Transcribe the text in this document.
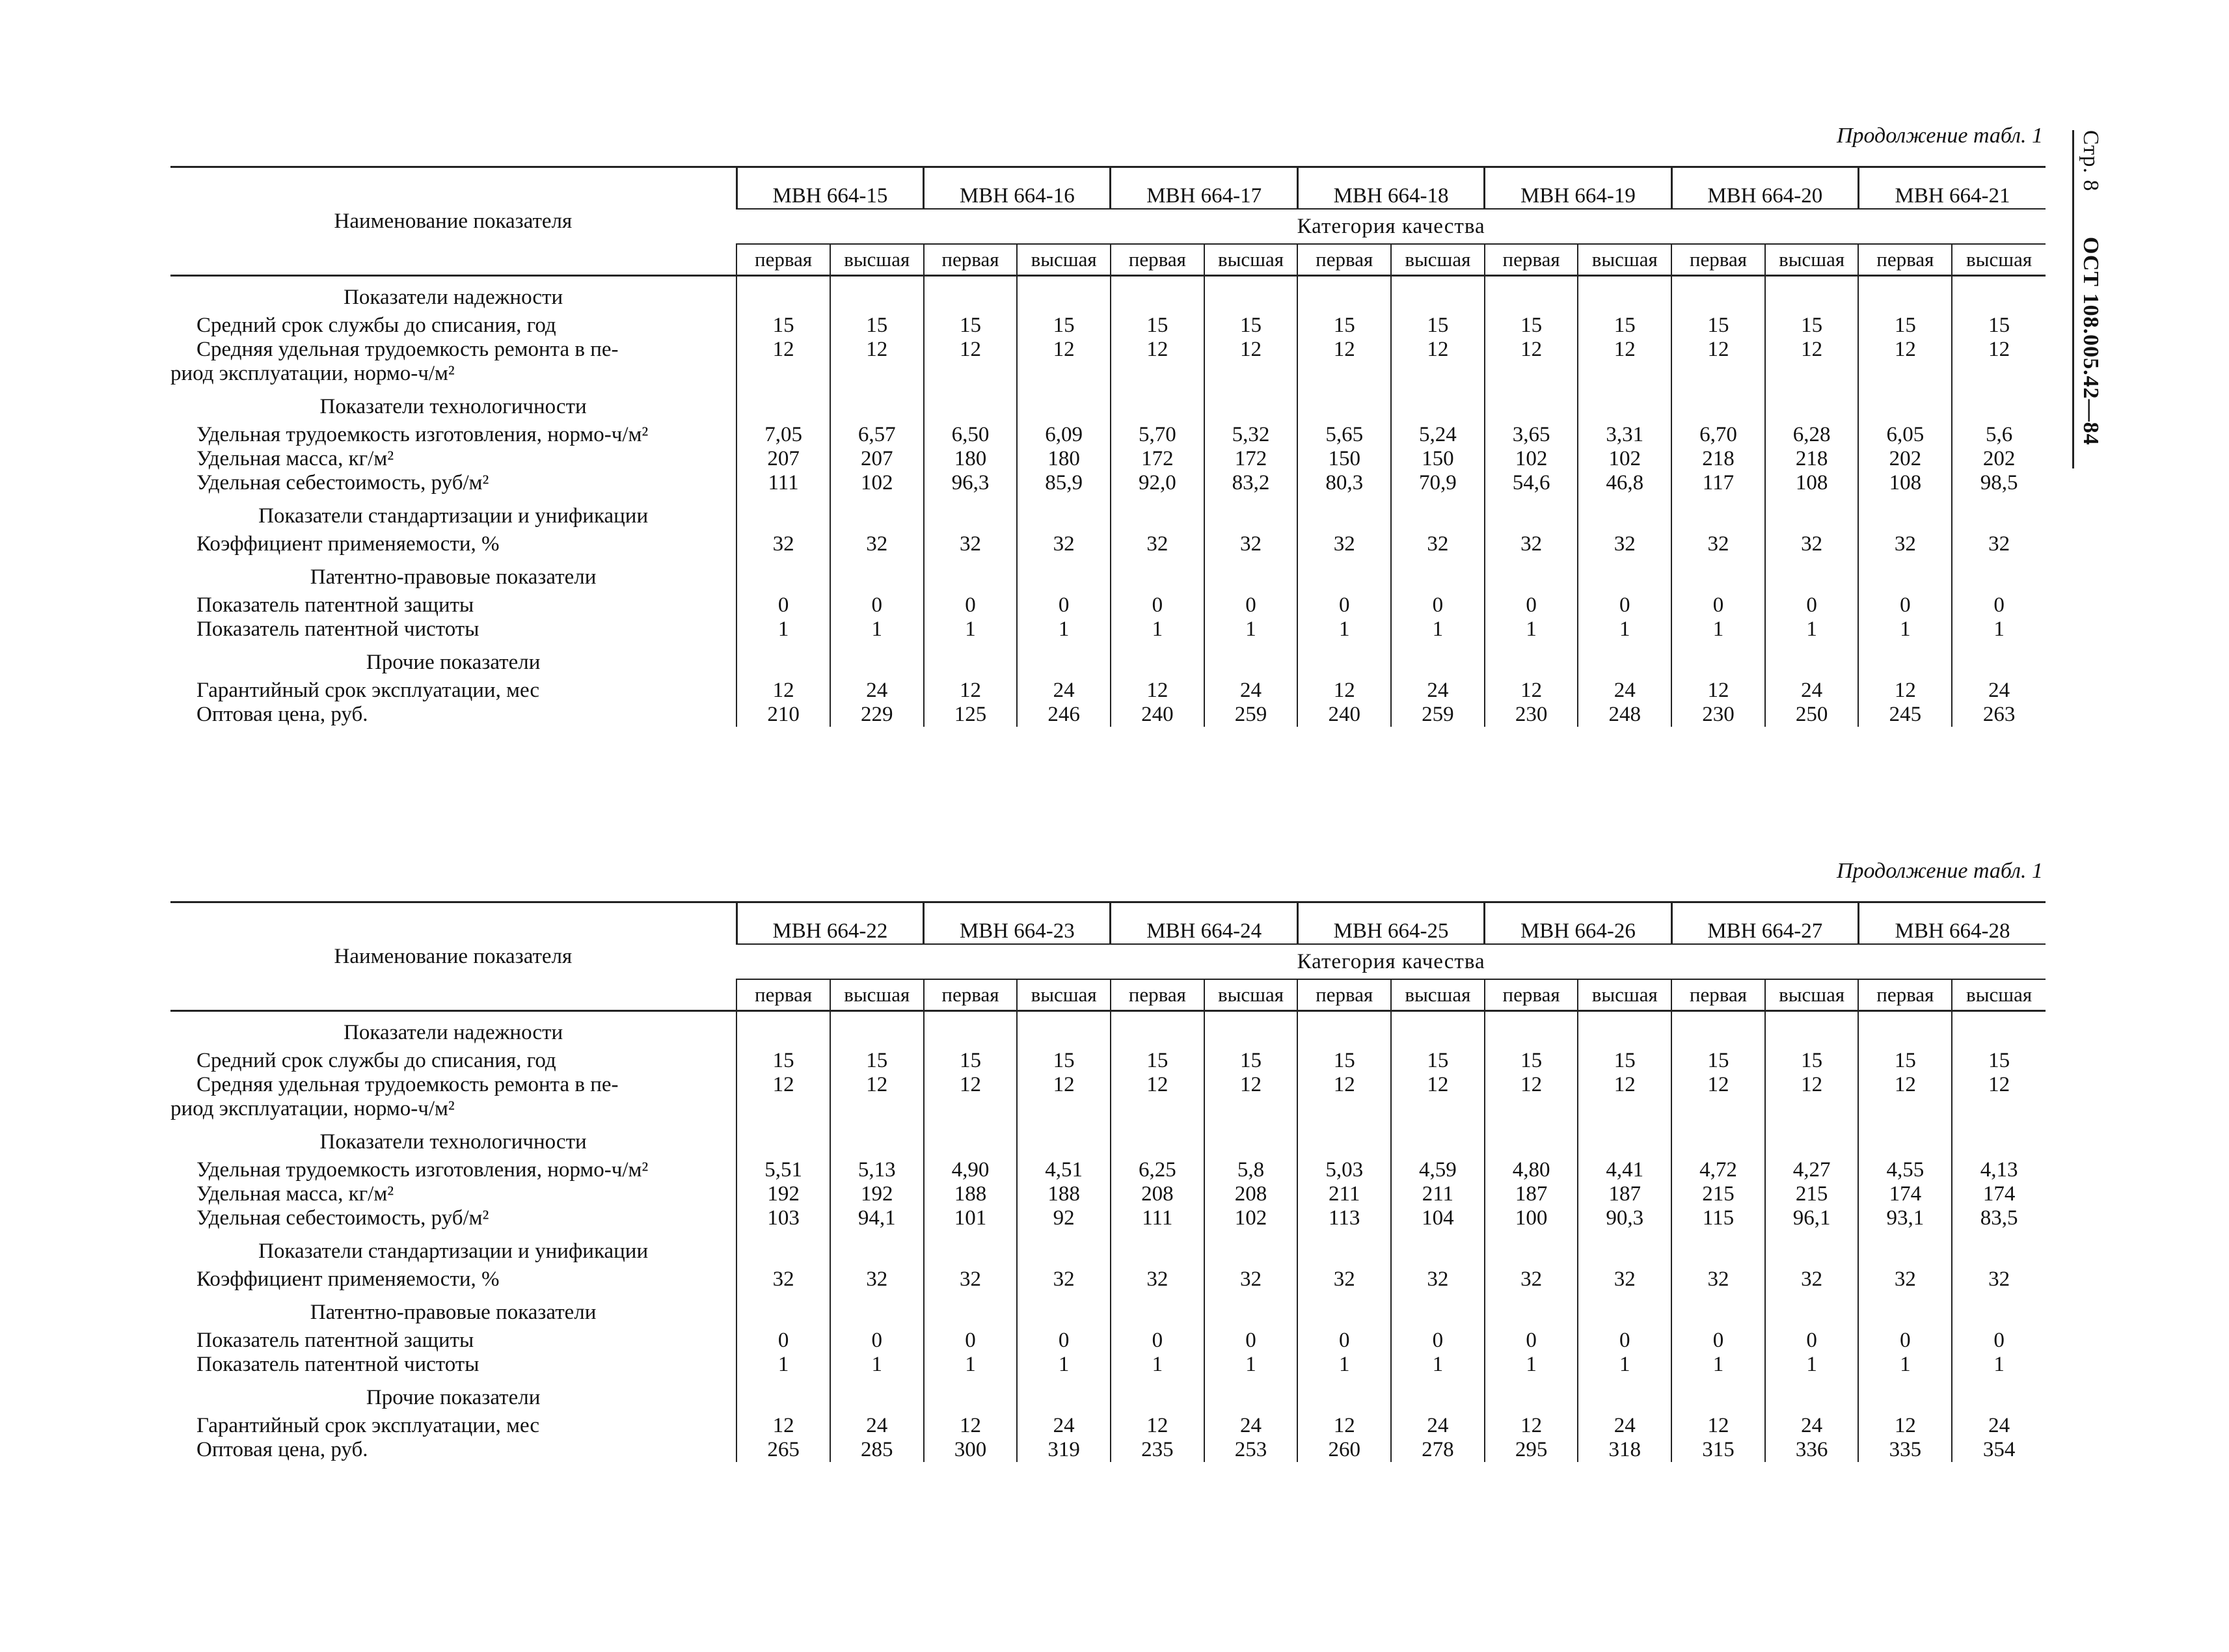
Стр. 8 ОСТ 108.005.42—84
Продолжение табл. 1
Наименование показателя	МВН 664-15		МВН 664-16		МВН 664-17		МВН 664-18		МВН 664-19		МВН 664-20		МВН 664-21	
	Категория качества													
	первая	высшая	первая	высшая	первая	высшая	первая	высшая	первая	высшая	первая	высшая	первая	высшая
Показатели надежности														
Средний срок службы до списания, год	15	15	15	15	15	15	15	15	15	15	15	15	15	15

Средняя удельная трудоемкость ремонта в пе-
риод эксплуатации, нормо-ч/м²	12	12	12	12	12	12	12	12	12	12	12	12	12	12
Показатели технологичности														
Удельная трудоемкость изготовления, нормо-ч/м²	7,05	6,57	6,50	6,09	5,70	5,32	5,65	5,24	3,65	3,31	6,70	6,28	6,05	5,6
Удельная масса, кг/м²	207	207	180	180	172	172	150	150	102	102	218	218	202	202
Удельная себестоимость, руб/м²	111	102	96,3	85,9	92,0	83,2	80,3	70,9	54,6	46,8	117	108	108	98,5
Показатели стандартизации и унификации														
Коэффициент применяемости, %	32	32	32	32	32	32	32	32	32	32	32	32	32	32
Патентно-правовые показатели														
Показатель патентной защиты	0	0	0	0	0	0	0	0	0	0	0	0	0	0
Показатель патентной чистоты	1	1	1	1	1	1	1	1	1	1	1	1	1	1
Прочие показатели														
Гарантийный срок эксплуатации, мес	12	24	12	24	12	24	12	24	12	24	12	24	12	24
Оптовая цена, руб.	210	229	125	246	240	259	240	259	230	248	230	250	245	263
Продолжение табл. 1
Наименование показателя	МВН 664-22		МВН 664-23		МВН 664-24		МВН 664-25		МВН 664-26		МВН 664-27		МВН 664-28	
	Категория качества													
	первая	высшая	первая	высшая	первая	высшая	первая	высшая	первая	высшая	первая	высшая	первая	высшая
Показатели надежности														
Средний срок службы до списания, год	15	15	15	15	15	15	15	15	15	15	15	15	15	15

Средняя удельная трудоемкость ремонта в пе-
риод эксплуатации, нормо-ч/м²	12	12	12	12	12	12	12	12	12	12	12	12	12	12
Показатели технологичности														
Удельная трудоемкость изготовления, нормо-ч/м²	5,51	5,13	4,90	4,51	6,25	5,8	5,03	4,59	4,80	4,41	4,72	4,27	4,55	4,13
Удельная масса, кг/м²	192	192	188	188	208	208	211	211	187	187	215	215	174	174
Удельная себестоимость, руб/м²	103	94,1	101	92	111	102	113	104	100	90,3	115	96,1	93,1	83,5
Показатели стандартизации и унификации														
Коэффициент применяемости, %	32	32	32	32	32	32	32	32	32	32	32	32	32	32
Патентно-правовые показатели														
Показатель патентной защиты	0	0	0	0	0	0	0	0	0	0	0	0	0	0
Показатель патентной чистоты	1	1	1	1	1	1	1	1	1	1	1	1	1	1
Прочие показатели														
Гарантийный срок эксплуатации, мес	12	24	12	24	12	24	12	24	12	24	12	24	12	24
Оптовая цена, руб.	265	285	300	319	235	253	260	278	295	318	315	336	335	354
